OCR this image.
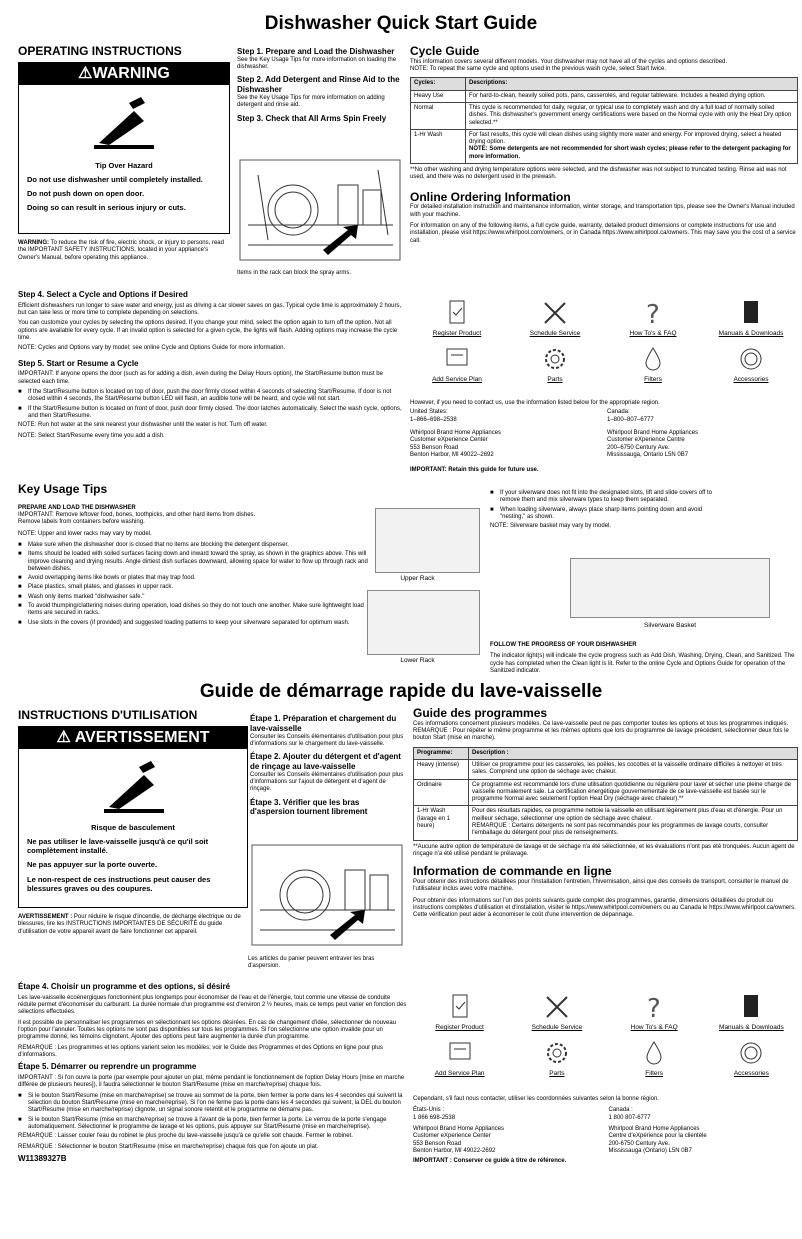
Dishwasher Quick Start Guide
OPERATING INSTRUCTIONS
⚠WARNING
Tip Over Hazard

Do not use dishwasher until completely installed.

Do not push down on open door.

Doing so can result in serious injury or cuts.

WARNING: To reduce the risk of fire, electric shock, or injury to persons, read the IMPORTANT SAFETY INSTRUCTIONS, located in your appliance's Owner's Manual, before operating this appliance.
Step 1. Prepare and Load the Dishwasher
See the Key Usage Tips for more information on loading the dishwasher.
Step 2. Add Detergent and Rinse Aid to the Dishwasher
See the Key Usage Tips for more information on adding detergent and rinse aid.
Step 3. Check that All Arms Spin Freely
Items in the rack can block the spray arms.
Step 4. Select a Cycle and Options if Desired

Efficient dishwashers run longer to save water and energy, just as driving a car slower saves on gas. Typical cycle time is approximately 2 hours, but can take less or more time to complete depending on selections.

You can customize your cycles by selecting the options desired. If you change your mind, select the option again to turn off the option. Not all options are available for every cycle. If an invalid option is selected for a given cycle, the lights will flash. Adding options may increase the cycle time.

NOTE: Cycles and Options vary by model; see online Cycle and Options Guide for more information.

Step 5. Start or Resume a Cycle

IMPORTANT: If anyone opens the door (such as for adding a dish, even during the Delay Hours option), the Start/Resume button must be selected each time.

■ If the Start/Resume button is located on top of door, push the door firmly closed within 4 seconds of selecting Start/Resume. If door is not closed within 4 seconds, the Start/Resume button LED will flash, an audible tone will be heard, and cycle will not start.
■ If the Start/Resume button is located on front of door, push door firmly closed. The door latches automatically. Select the wash cycle, options, and then Start/Resume.

NOTE: Run hot water at the sink nearest your dishwasher until the water is hot. Turn off water.

NOTE: Select Start/Resume every time you add a dish.

Cycle Guide
This information covers several different models. Your dishwasher may not have all of the cycles and options described.
NOTE: To repeat the same cycle and options used in the previous wash cycle, select Start twice.
Cycles:	Descriptions:
Heavy Use	For hard-to-clean, heavily soiled pots, pans, casseroles, and regular tableware. Includes a heated drying option.
Normal	This cycle is recommended for daily, regular, or typical use to completely wash and dry a full load of normally soiled dishes. This dishwasher's government energy certifications were based on the Normal cycle with only the Heat Dry option selected.**
1-Hr Wash	For fast results, this cycle will clean dishes using slightly more water and energy. For improved drying, select a heated drying option.
NOTE: Some detergents are not recommended for short wash cycles; please refer to the detergent packaging for more information.
**No other washing and drying temperature options were selected, and the dishwasher was not subject to truncated testing. Rinse aid was not used, and there was no detergent used in the prewash.
Online Ordering Information
For detailed installation instruction and maintenance information, winter storage, and transportation tips, please see the Owner's Manual included with your machine.
For information on any of the following items, a full cycle guide, warranty, detailed product dimensions or complete instructions for use and installation, please visit https://www.whirlpool.com/owners, or in Canada https://www.whirlpool.ca/owners. This may save you the cost of a service call.
Register Product	Schedule Service
?
How To's & FAQ	Manuals & Downloads
Add Service Plan	Parts	Filters	Accessories
However, if you need to contact us, use the information listed below for the appropriate region.
United States:
1–866–698–2538
Whirlpool Brand Home Appliances
Customer eXperience Center
553 Benson Road
Benton Harbor, MI 49022–2692
Canada:
1–800–807–6777
Whirlpool Brand Home Appliances
Customer eXperience Centre
200–6750 Century Ave.
Mississauga, Ontario L5N 0B7
IMPORTANT: Retain this guide for future use.
Key Usage Tips
PREPARE AND LOAD THE DISHWASHER
IMPORTANT: Remove leftover food, bones, toothpicks, and other hard items from dishes.
Remove labels from containers before washing.
NOTE: Upper and lower racks may vary by model.
■ Make sure when the dishwasher door is closed that no items are blocking the detergent dispenser.
■ Items should be loaded with soiled surfaces facing down and inward toward the spray, as shown in the graphics above. This will improve cleaning and drying results. Angle dirtiest dish surfaces downward, allowing space for water to flow up through rack and between dishes.
■ Avoid overlapping items like bowls or plates that may trap food.
■ Place plastics, small plates, and glasses in upper rack.
■ Wash only items marked "dishwasher safe."
■ To avoid thumping/clattering noises during operation, load dishes so they do not touch one another. Make sure lightweight load items are secured in racks.
■ Use slots in the covers (if provided) and suggested loading patterns to keep your silverware separated for optimum wash.
Upper Rack
Lower Rack
■ If your silverware does not fit into the designated slots, lift and slide covers off to remove them and mix silverware types to keep them separated.
■ When loading silverware, always place sharp items pointing down and avoid "nesting," as shown.
NOTE: Silverware basket may vary by model.
Silverware Basket
FOLLOW THE PROGRESS OF YOUR DISHWASHER
The indicator light(s) will indicate the cycle progress such as Add Dish, Washing, Drying, Clean, and Sanitized. The cycle has completed when the Clean light is lit. Refer to the online Cycle and Options Guide for operation of the Sanitized indicator.
Guide de démarrage rapide du lave-vaisselle
INSTRUCTIONS D'UTILISATION
⚠ AVERTISSEMENT
Risque de basculement

Ne pas utiliser le lave-vaisselle jusqu'à ce qu'il soit complètement installé.

Ne pas appuyer sur la porte ouverte.

Le non-respect de ces instructions peut causer des blessures graves ou des coupures.

AVERTISSEMENT : Pour réduire le risque d'incendie, de décharge électrique ou de blessures, lire les INSTRUCTIONS IMPORTANTES DE SÉCURITÉ du guide d'utilisation de votre appareil avant de faire fonctionner cet appareil.
Étape 1. Préparation et chargement du lave-vaisselle
Consulter les Conseils élémentaires d'utilisation pour plus d'informations sur le chargement du lave-vaisselle.
Étape 2. Ajouter du détergent et d'agent de rinçage au lave-vaisselle
Consulter les Conseils élémentaires d'utilisation pour plus d'informations sur l'ajout de détergent et d'agent de rinçage.
Étape 3. Vérifier que les bras d'aspersion tournent librement
Les articles du panier peuvent entraver les bras d'aspersion.
Étape 4. Choisir un programme et des options, si désiré

Les lave-vaisselle écoénergiques fonctionnent plus longtemps pour économiser de l'eau et de l'énergie, tout comme une vitesse de conduite réduite permet d'économiser du carburant. La durée normale d'un programme est d'environ 2 ½ heures, mais ce temps peut varier en fonction des sélections effectuées.

Il est possible de personnaliser les programmes en sélectionnant les options désirées. En cas de changement d'idée, sélectionner de nouveau l'option pour l'annuler. Toutes les options ne sont pas disponibles sur tous les programmes. Si l'on sélectionne une option invalide pour un programme donné, les témoins clignotent. Ajouter des options peut faire augmenter la durée d'un programme.

REMARQUE : Les programmes et les options varient selon les modèles; voir le Guide des Programmes et des Options en ligne pour plus d'informations.

Étape 5. Démarrer ou reprendre un programme

IMPORTANT : Si l'on ouvre la porte (par exemple pour ajouter un plat, même pendant le fonctionnement de l'option Delay Hours [mise en marche différée de plusieurs heures]), il faudra sélectionner le bouton Start/Resume (mise en marche/reprise) chaque fois.

■ Si le bouton Start/Resume (mise en marche/reprise) se trouve au sommet de la porte, bien fermer la porte dans les 4 secondes qui suivent la sélection du bouton Start/Resume (mise en marche/reprise). Si l'on ne ferme pas la porte dans les 4 secondes qui suivent, la DEL du bouton Start/Resume (mise en marche/reprise) clignote, un signal sonore retentit et le programme ne démarre pas.
■ Si le bouton Start/Resume (mise en marche/reprise) se trouve à l'avant de la porte, bien fermer la porte. Le verrou de la porte s'engage automatiquement. Sélectionner le programme de lavage et les options, puis appuyer sur Start/Resume (mise en marche/reprise).

REMARQUE : Laisser couler l'eau du robinet le plus proche du lave-vaisselle jusqu'à ce qu'elle soit chaude. Fermer le robinet.

REMARQUE : Sélectionner le bouton Start/Resume (mise en marche/reprise) chaque fois que l'on ajoute un plat.

W11389327B
Guide des programmes
Ces informations concernent plusieurs modèles. Ce lave-vaisselle peut ne pas comporter toutes les options et tous les programmes indiqués.
REMARQUE : Pour répéter le même programme et les mêmes options que lors du programme de lavage précédent, sélectionner deux fois le bouton Start (mise en marche).
Programme:	Description :
Heavy (intense)	Utiliser ce programme pour les casseroles, les poêles, les cocottes et la vaisselle ordinaire difficiles à nettoyer et très sales. Comprend une option de séchage avec chaleur.
Ordinaire	Ce programme est recommandé lors d'une utilisation quotidienne ou régulière pour laver et sécher une pleine charge de vaisselle normalement sale. La certification énergétique gouvernementale de ce lave-vaisselle est basée sur le programme Normal avec seulement l'option Heat Dry (séchage avec chaleur).**
1-Hr Wash (lavage en 1 heure)	Pour des résultats rapides, ce programme nettoie la vaisselle en utilisant légèrement plus d'eau et d'énergie. Pour un meilleur séchage, sélectionner une option de séchage avec chaleur.
REMARQUE : Certains détergents ne sont pas recommandés pour les programmes de lavage courts, consulter l'emballage du détergent pour plus de renseignements.
**Aucune autre option de température de lavage et de séchage n'a été sélectionnée, et les évaluations n'ont pas été tronquées. Aucun agent de rinçage n'a été utilisé pendant le prélavage.
Information de commande en ligne
Pour obtenir des instructions détaillées pour l'installation l'entretien, l'hivernisation, ainsi que des conseils de transport, consulter le manuel de l'utilisateur inclus avec votre machine.
Pour obtenir des informations sur l'un des points suivants guide complet des programmes, garantie, dimensions détaillées du produit ou instructions complètes d'utilisation et d'installation, visiter le https://www.whirlpool.com/owners ou au Canada le https://www.whirlpool.ca/owners. Cette vérification peut aider à économiser le coût d'une intervention de dépannage.
Register Product	Schedule Service
?
How To's & FAQ	Manuals & Downloads
Add Service Plan	Parts	Filters	Accessories
Cependant, s'il faut nous contacter, utiliser les coordonnées suivantes selon la bonne région.
États-Unis :
1 866 698-2538
Whirlpool Brand Home Appliances
Customer eXperience Center
553 Benson Road
Benton Harbor, MI 49022-2692
Canada :
1 800 807-6777
Whirlpool Brand Home Appliances
Centre d'eXpérience pour la clientèle
200-6750 Century Ave.
Mississauga (Ontario) L5N 0B7
IMPORTANT : Conserver ce guide à titre de référence.
